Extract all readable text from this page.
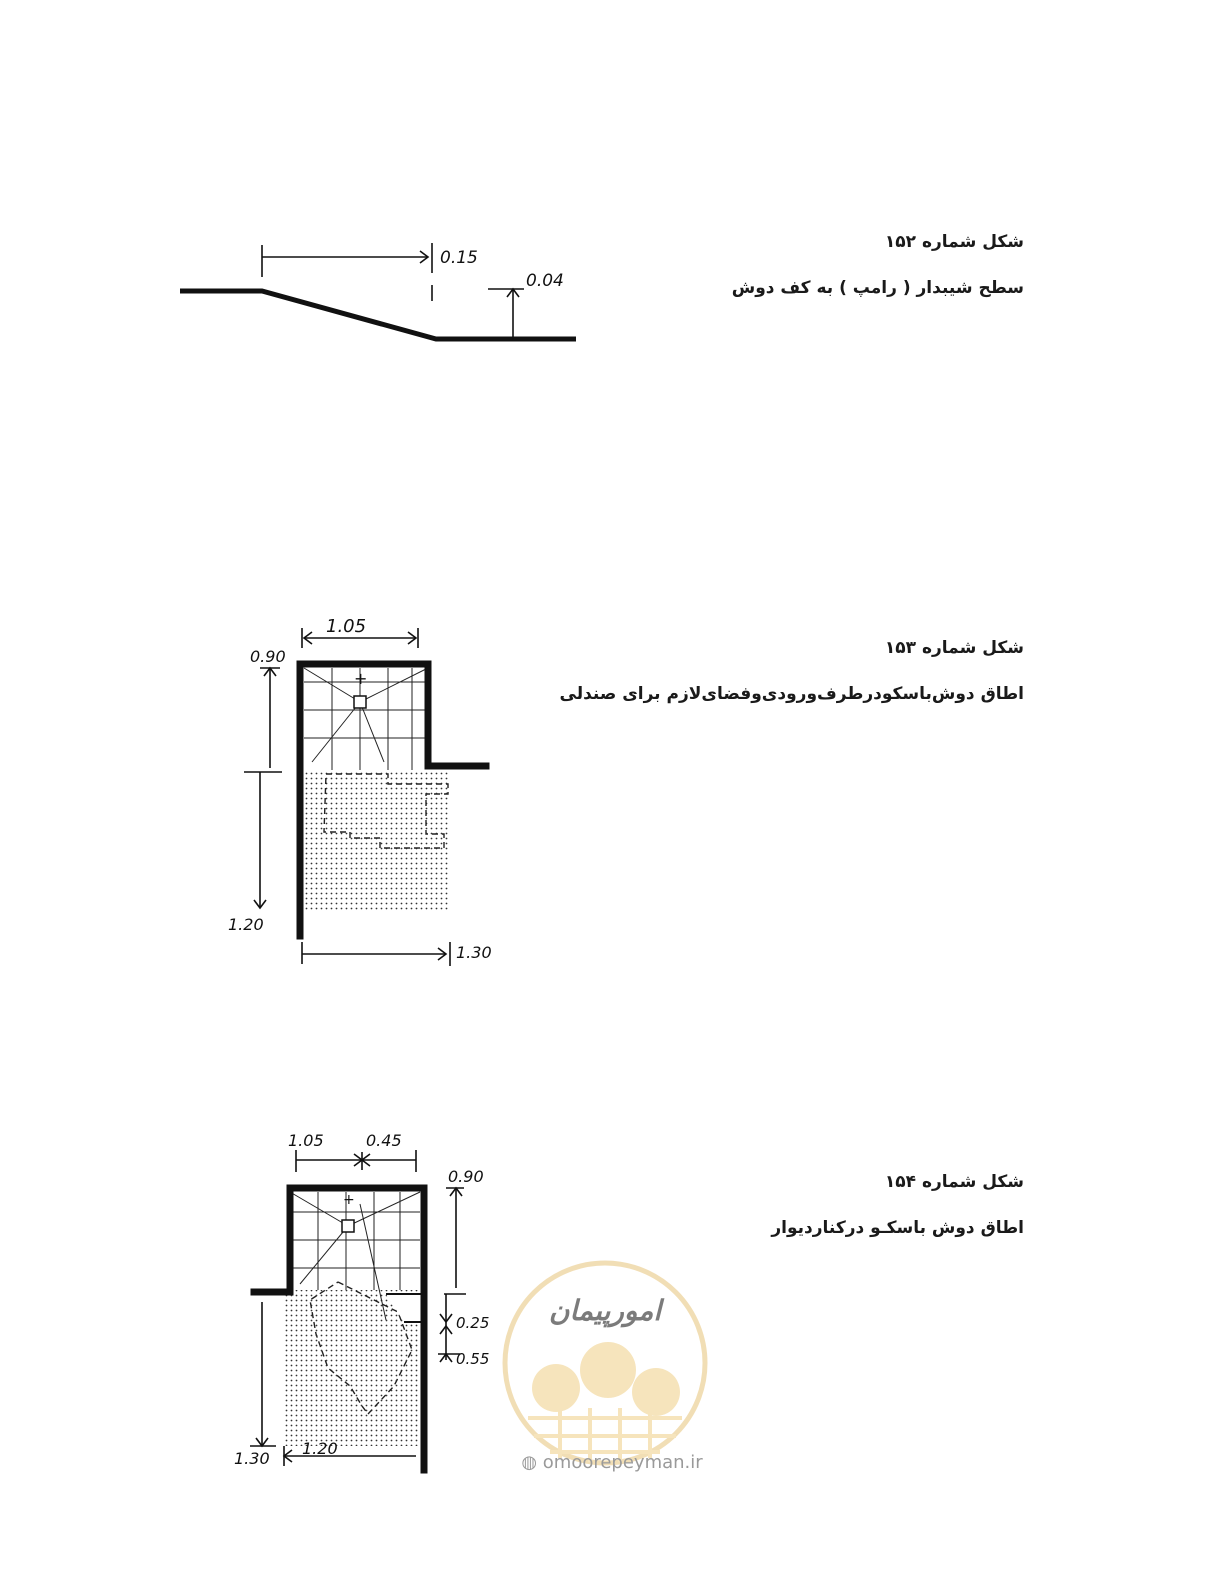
شکل شماره ۱۵۲
سطح شیبدار ( رامپ ) به کف دوش
0.15
0.04
شکل شماره ۱۵۳
اطاق دوش‌باسکودرطرف‌ورودی‌وفضای‌لازم برای صندلی
+
1.05
0.90
1.20
1.30
شکل شماره ۱۵۴
اطاق دوش باسکـو درکناردیوار
+
1.05	0.45
0.90
0.25
0.55
1.30
1.20
امورپیمان
◍ omoorepeyman.ir
